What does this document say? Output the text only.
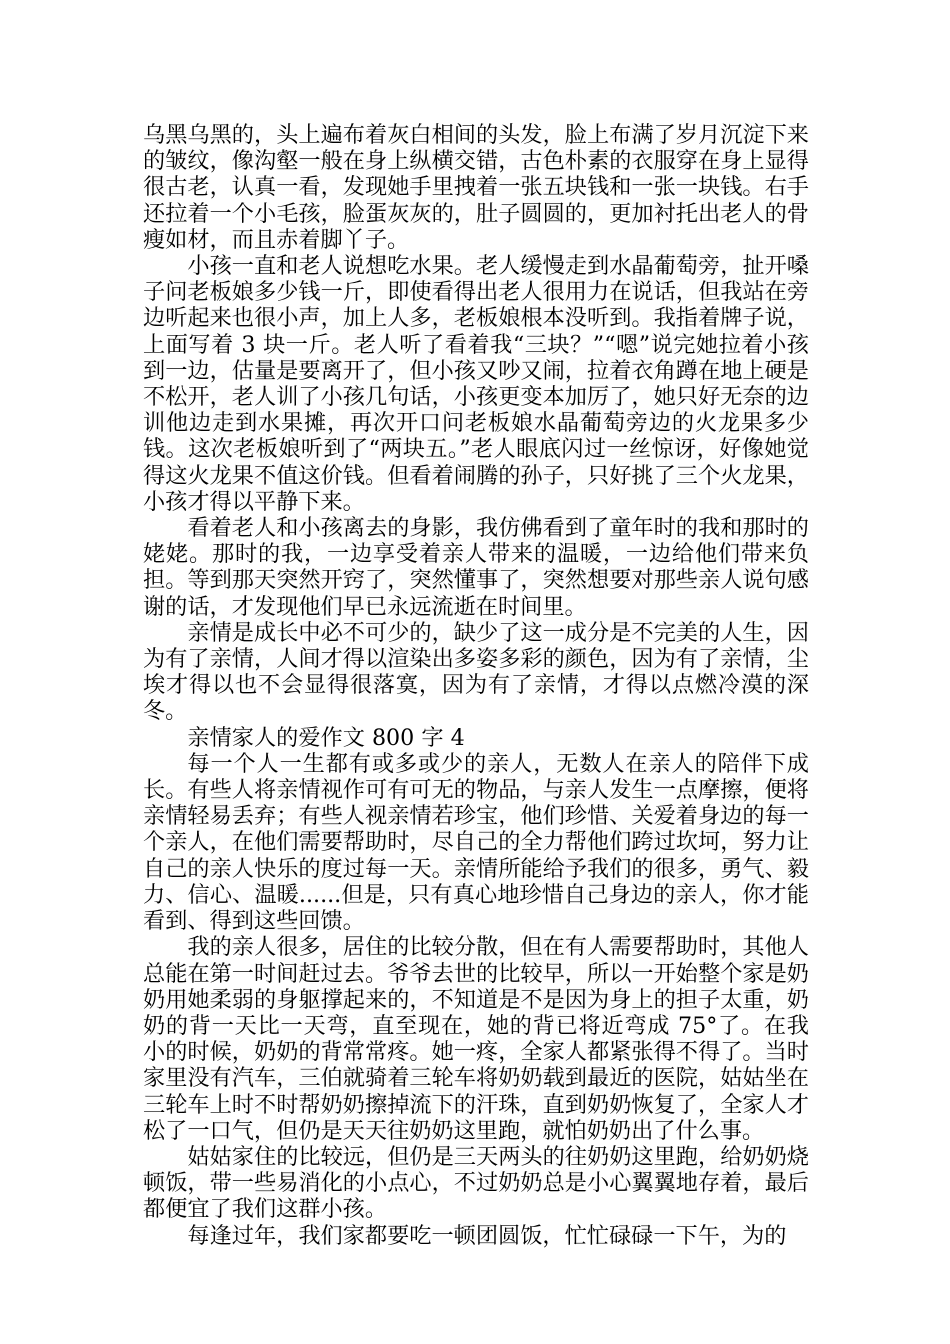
乌黑乌黑的，头上遍布着灰白相间的头发，脸上布满了岁月沉淀下来的皱纹，像沟壑一般在身上纵横交错，古色朴素的衣服穿在身上显得很古老，认真一看，发现她手里拽着一张五块钱和一张一块钱。右手还拉着一个小毛孩，脸蛋灰灰的，肚子圆圆的，更加衬托出老人的骨瘦如材，而且赤着脚丫子。

小孩一直和老人说想吃水果。老人缓慢走到水晶葡萄旁，扯开嗓子问老板娘多少钱一斤，即使看得出老人很用力在说话，但我站在旁边听起来也很小声，加上人多，老板娘根本没听到。我指着牌子说，上面写着 3 块一斤。老人听了看着我“三块？”“嗯”说完她拉着小孩到一边，估量是要离开了，但小孩又吵又闹，拉着衣角蹲在地上硬是不松开，老人训了小孩几句话，小孩更变本加厉了，她只好无奈的边训他边走到水果摊，再次开口问老板娘水晶葡萄旁边的火龙果多少钱。这次老板娘听到了“两块五。”老人眼底闪过一丝惊讶，好像她觉得这火龙果不值这价钱。但看着闹腾的孙子，只好挑了三个火龙果，小孩才得以平静下来。

看着老人和小孩离去的身影，我仿佛看到了童年时的我和那时的姥姥。那时的我，一边享受着亲人带来的温暖，一边给他们带来负担。等到那天突然开窍了，突然懂事了，突然想要对那些亲人说句感谢的话，才发现他们早已永远流逝在时间里。

亲情是成长中必不可少的，缺少了这一成分是不完美的人生，因为有了亲情，人间才得以渲染出多姿多彩的颜色，因为有了亲情，尘埃才得以也不会显得很落寞，因为有了亲情，才得以点燃冷漠的深冬。

亲情家人的爱作文 800 字 4

每一个人一生都有或多或少的亲人，无数人在亲人的陪伴下成长。有些人将亲情视作可有可无的物品，与亲人发生一点摩擦，便将亲情轻易丢弃；有些人视亲情若珍宝，他们珍惜、关爱着身边的每一个亲人，在他们需要帮助时，尽自己的全力帮他们跨过坎坷，努力让自己的亲人快乐的度过每一天。亲情所能给予我们的很多，勇气、毅力、信心、温暖......但是，只有真心地珍惜自己身边的亲人，你才能看到、得到这些回馈。

我的亲人很多，居住的比较分散，但在有人需要帮助时，其他人总能在第一时间赶过去。爷爷去世的比较早，所以一开始整个家是奶奶用她柔弱的身躯撑起来的，不知道是不是因为身上的担子太重，奶奶的背一天比一天弯，直至现在，她的背已将近弯成 75°了。在我小的时候，奶奶的背常常疼。她一疼，全家人都紧张得不得了。当时家里没有汽车，三伯就骑着三轮车将奶奶载到最近的医院，姑姑坐在三轮车上时不时帮奶奶擦掉流下的汗珠，直到奶奶恢复了，全家人才松了一口气，但仍是天天往奶奶这里跑，就怕奶奶出了什么事。

姑姑家住的比较远，但仍是三天两头的往奶奶这里跑，给奶奶烧顿饭，带一些易消化的小点心，不过奶奶总是小心翼翼地存着，最后都便宜了我们这群小孩。

每逢过年，我们家都要吃一顿团圆饭，忙忙碌碌一下午，为的
